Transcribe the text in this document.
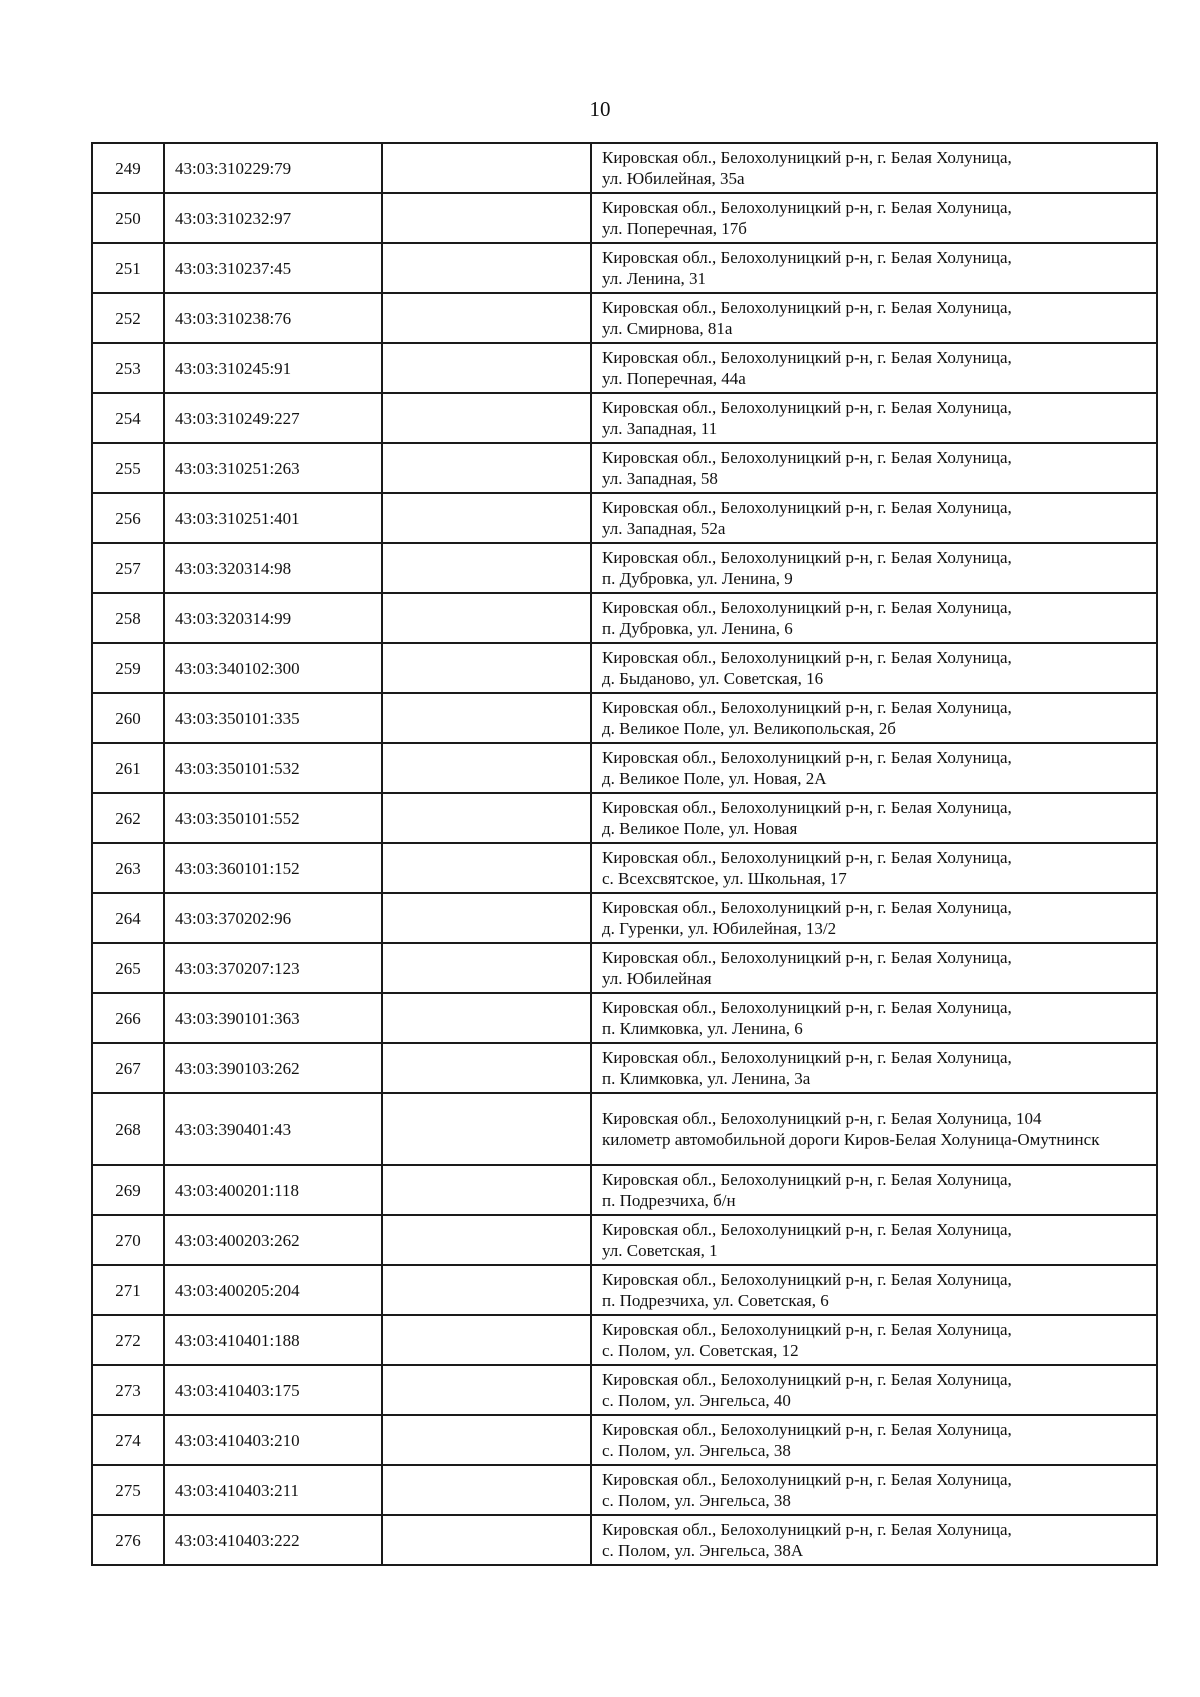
10
249	43:03:310229:79		Кировская обл., Белохолуницкий р-н, г. Белая Холуница,
ул. Юбилейная, 35а

250	43:03:310232:97		Кировская обл., Белохолуницкий р-н, г. Белая Холуница,
ул. Поперечная, 17б

251	43:03:310237:45		Кировская обл., Белохолуницкий р-н, г. Белая Холуница,
ул. Ленина, 31

252	43:03:310238:76		Кировская обл., Белохолуницкий р-н, г. Белая Холуница,
ул. Смирнова, 81а

253	43:03:310245:91		Кировская обл., Белохолуницкий р-н, г. Белая Холуница,
ул. Поперечная, 44а

254	43:03:310249:227		Кировская обл., Белохолуницкий р-н, г. Белая Холуница,
ул. Западная, 11

255	43:03:310251:263		Кировская обл., Белохолуницкий р-н, г. Белая Холуница,
ул. Западная, 58

256	43:03:310251:401		Кировская обл., Белохолуницкий р-н, г. Белая Холуница,
ул. Западная, 52а

257	43:03:320314:98		Кировская обл., Белохолуницкий р-н, г. Белая Холуница,
п. Дубровка, ул. Ленина, 9

258	43:03:320314:99		Кировская обл., Белохолуницкий р-н, г. Белая Холуница,
п. Дубровка, ул. Ленина, 6

259	43:03:340102:300		Кировская обл., Белохолуницкий р-н, г. Белая Холуница,
д. Быданово, ул. Советская, 16

260	43:03:350101:335		Кировская обл., Белохолуницкий р-н, г. Белая Холуница,
д. Великое Поле, ул. Великопольская, 2б

261	43:03:350101:532		Кировская обл., Белохолуницкий р-н, г. Белая Холуница,
д. Великое Поле, ул. Новая, 2А

262	43:03:350101:552		Кировская обл., Белохолуницкий р-н, г. Белая Холуница,
д. Великое Поле, ул. Новая

263	43:03:360101:152		Кировская обл., Белохолуницкий р-н, г. Белая Холуница,
с. Всехсвятское, ул. Школьная, 17

264	43:03:370202:96		Кировская обл., Белохолуницкий р-н, г. Белая Холуница,
д. Гуренки, ул. Юбилейная, 13/2

265	43:03:370207:123		Кировская обл., Белохолуницкий р-н, г. Белая Холуница,
ул. Юбилейная

266	43:03:390101:363		Кировская обл., Белохолуницкий р-н, г. Белая Холуница,
п. Климковка, ул. Ленина, 6

267	43:03:390103:262		Кировская обл., Белохолуницкий р-н, г. Белая Холуница,
п. Климковка, ул. Ленина, 3а

268	43:03:390401:43		Кировская обл., Белохолуницкий р-н, г. Белая Холуница, 104
километр автомобильной дороги Киров-Белая Холуница-Омутнинск

269	43:03:400201:118		Кировская обл., Белохолуницкий р-н, г. Белая Холуница,
п. Подрезчиха, б/н

270	43:03:400203:262		Кировская обл., Белохолуницкий р-н, г. Белая Холуница,
ул. Советская, 1

271	43:03:400205:204		Кировская обл., Белохолуницкий р-н, г. Белая Холуница,
п. Подрезчиха, ул. Советская, 6

272	43:03:410401:188		Кировская обл., Белохолуницкий р-н, г. Белая Холуница,
с. Полом, ул. Советская, 12

273	43:03:410403:175		Кировская обл., Белохолуницкий р-н, г. Белая Холуница,
с. Полом, ул. Энгельса, 40

274	43:03:410403:210		Кировская обл., Белохолуницкий р-н, г. Белая Холуница,
с. Полом, ул. Энгельса, 38

275	43:03:410403:211		Кировская обл., Белохолуницкий р-н, г. Белая Холуница,
с. Полом, ул. Энгельса, 38

276	43:03:410403:222		Кировская обл., Белохолуницкий р-н, г. Белая Холуница,
с. Полом, ул. Энгельса, 38А
